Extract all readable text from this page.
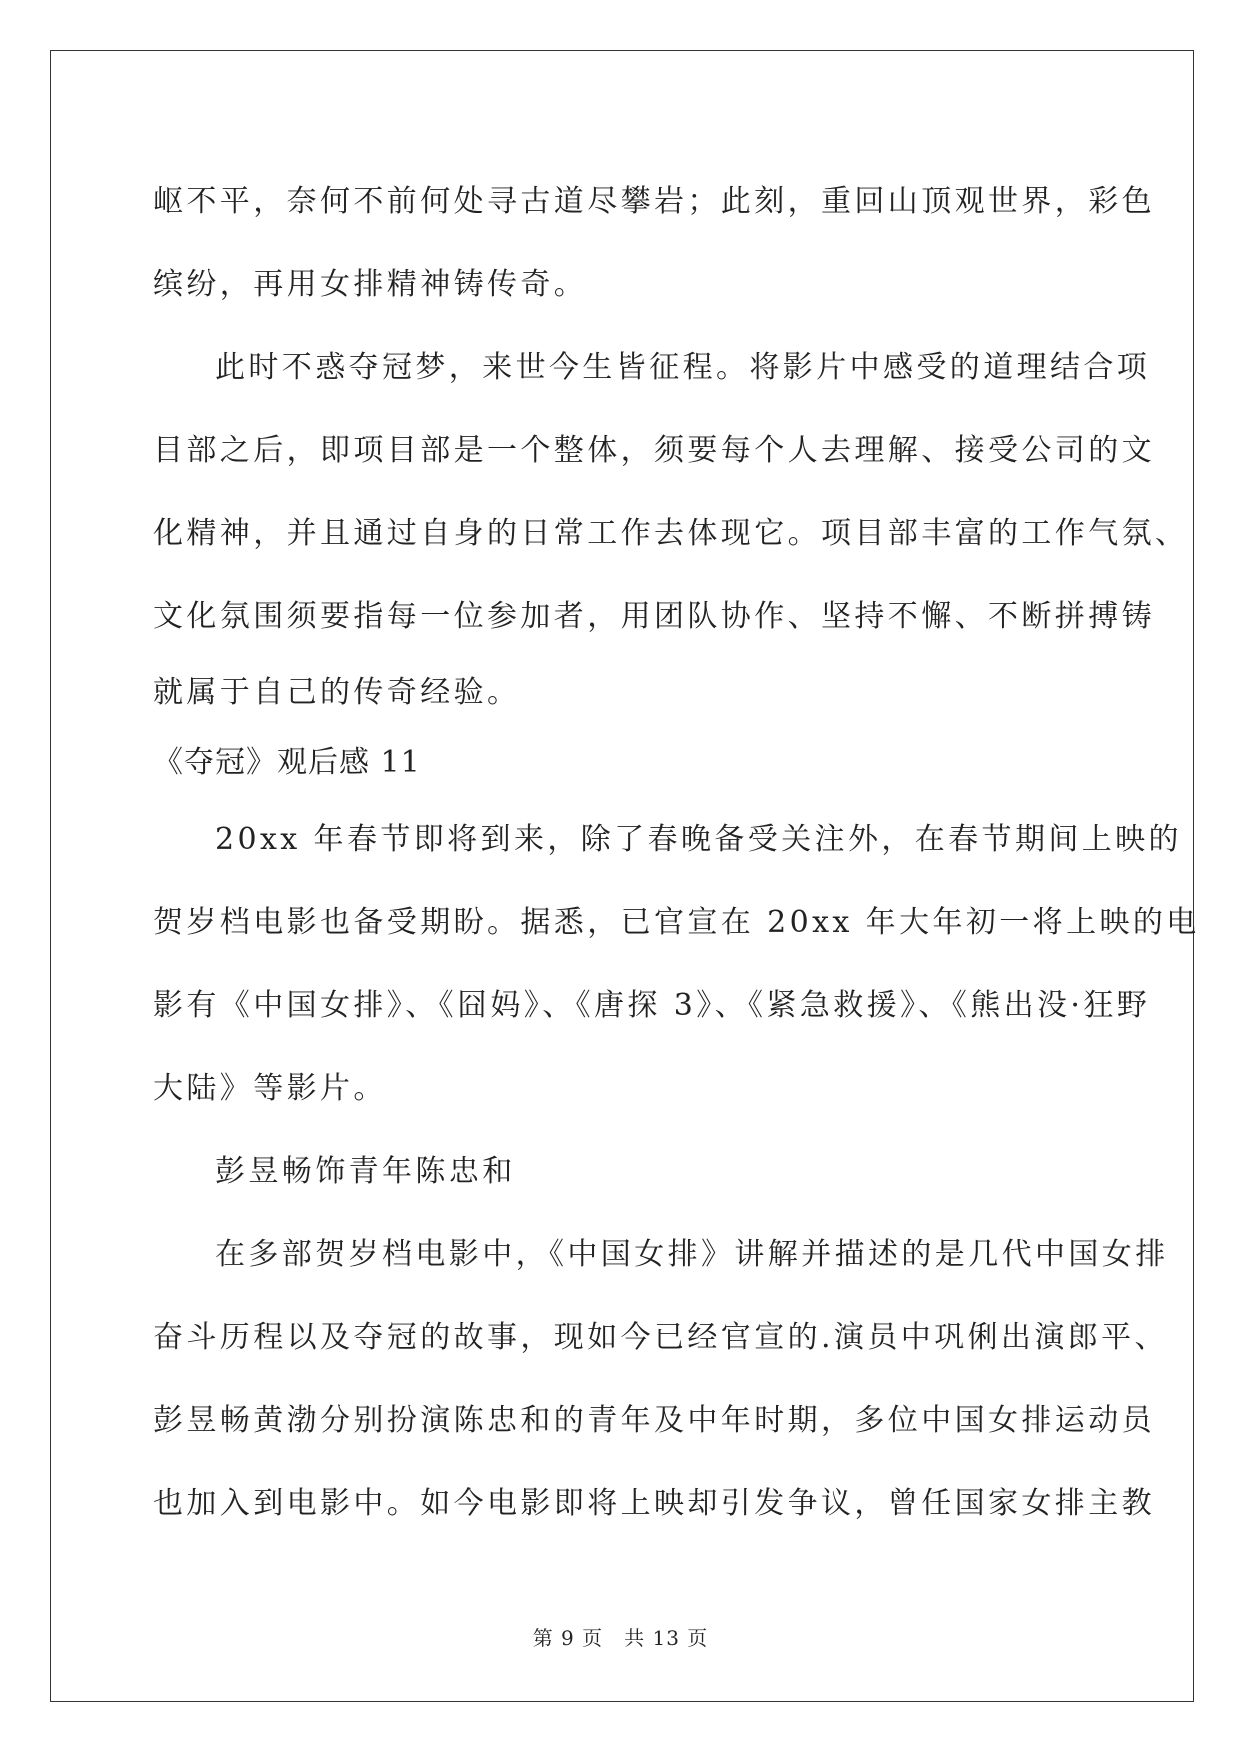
岖不平，奈何不前何处寻古道尽攀岩；此刻，重回山顶观世界，彩色

缤纷，再用女排精神铸传奇。

此时不惑夺冠梦，来世今生皆征程。将影片中感受的道理结合项

目部之后，即项目部是一个整体，须要每个人去理解、接受公司的文

化精神，并且通过自身的日常工作去体现它。项目部丰富的工作气氛、

文化氛围须要指每一位参加者，用团队协作、坚持不懈、不断拼搏铸

就属于自己的传奇经验。

《夺冠》观后感 11

20xx 年春节即将到来，除了春晚备受关注外，在春节期间上映的

贺岁档电影也备受期盼。据悉，已官宣在 20xx 年大年初一将上映的电

影有《中国女排》、《囧妈》、《唐探 3》、《紧急救援》、《熊出没·狂野

大陆》等影片。

彭昱畅饰青年陈忠和

在多部贺岁档电影中，《中国女排》讲解并描述的是几代中国女排

奋斗历程以及夺冠的故事，现如今已经官宣的.演员中巩俐出演郎平、

彭昱畅黄渤分别扮演陈忠和的青年及中年时期，多位中国女排运动员

也加入到电影中。如今电影即将上映却引发争议，曾任国家女排主教

第 9 页　共 13 页
